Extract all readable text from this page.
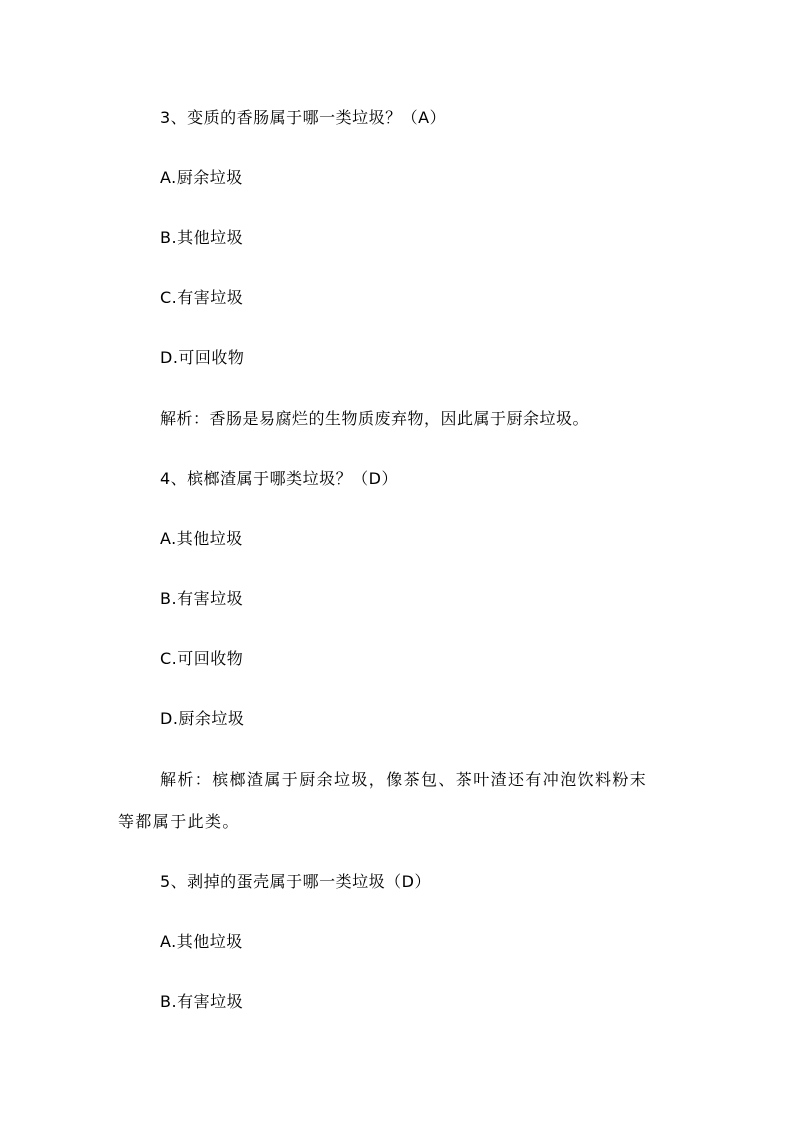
3、变质的香肠属于哪一类垃圾？（A）
A.厨余垃圾
B.其他垃圾
C.有害垃圾
D.可回收物
解析：香肠是易腐烂的生物质废弃物，因此属于厨余垃圾。
4、槟榔渣属于哪类垃圾？（D）
A.其他垃圾
B.有害垃圾
C.可回收物
D.厨余垃圾
解析：槟榔渣属于厨余垃圾，像茶包、茶叶渣还有冲泡饮料粉末
等都属于此类。
5、剥掉的蛋壳属于哪一类垃圾（D）
A.其他垃圾
B.有害垃圾
